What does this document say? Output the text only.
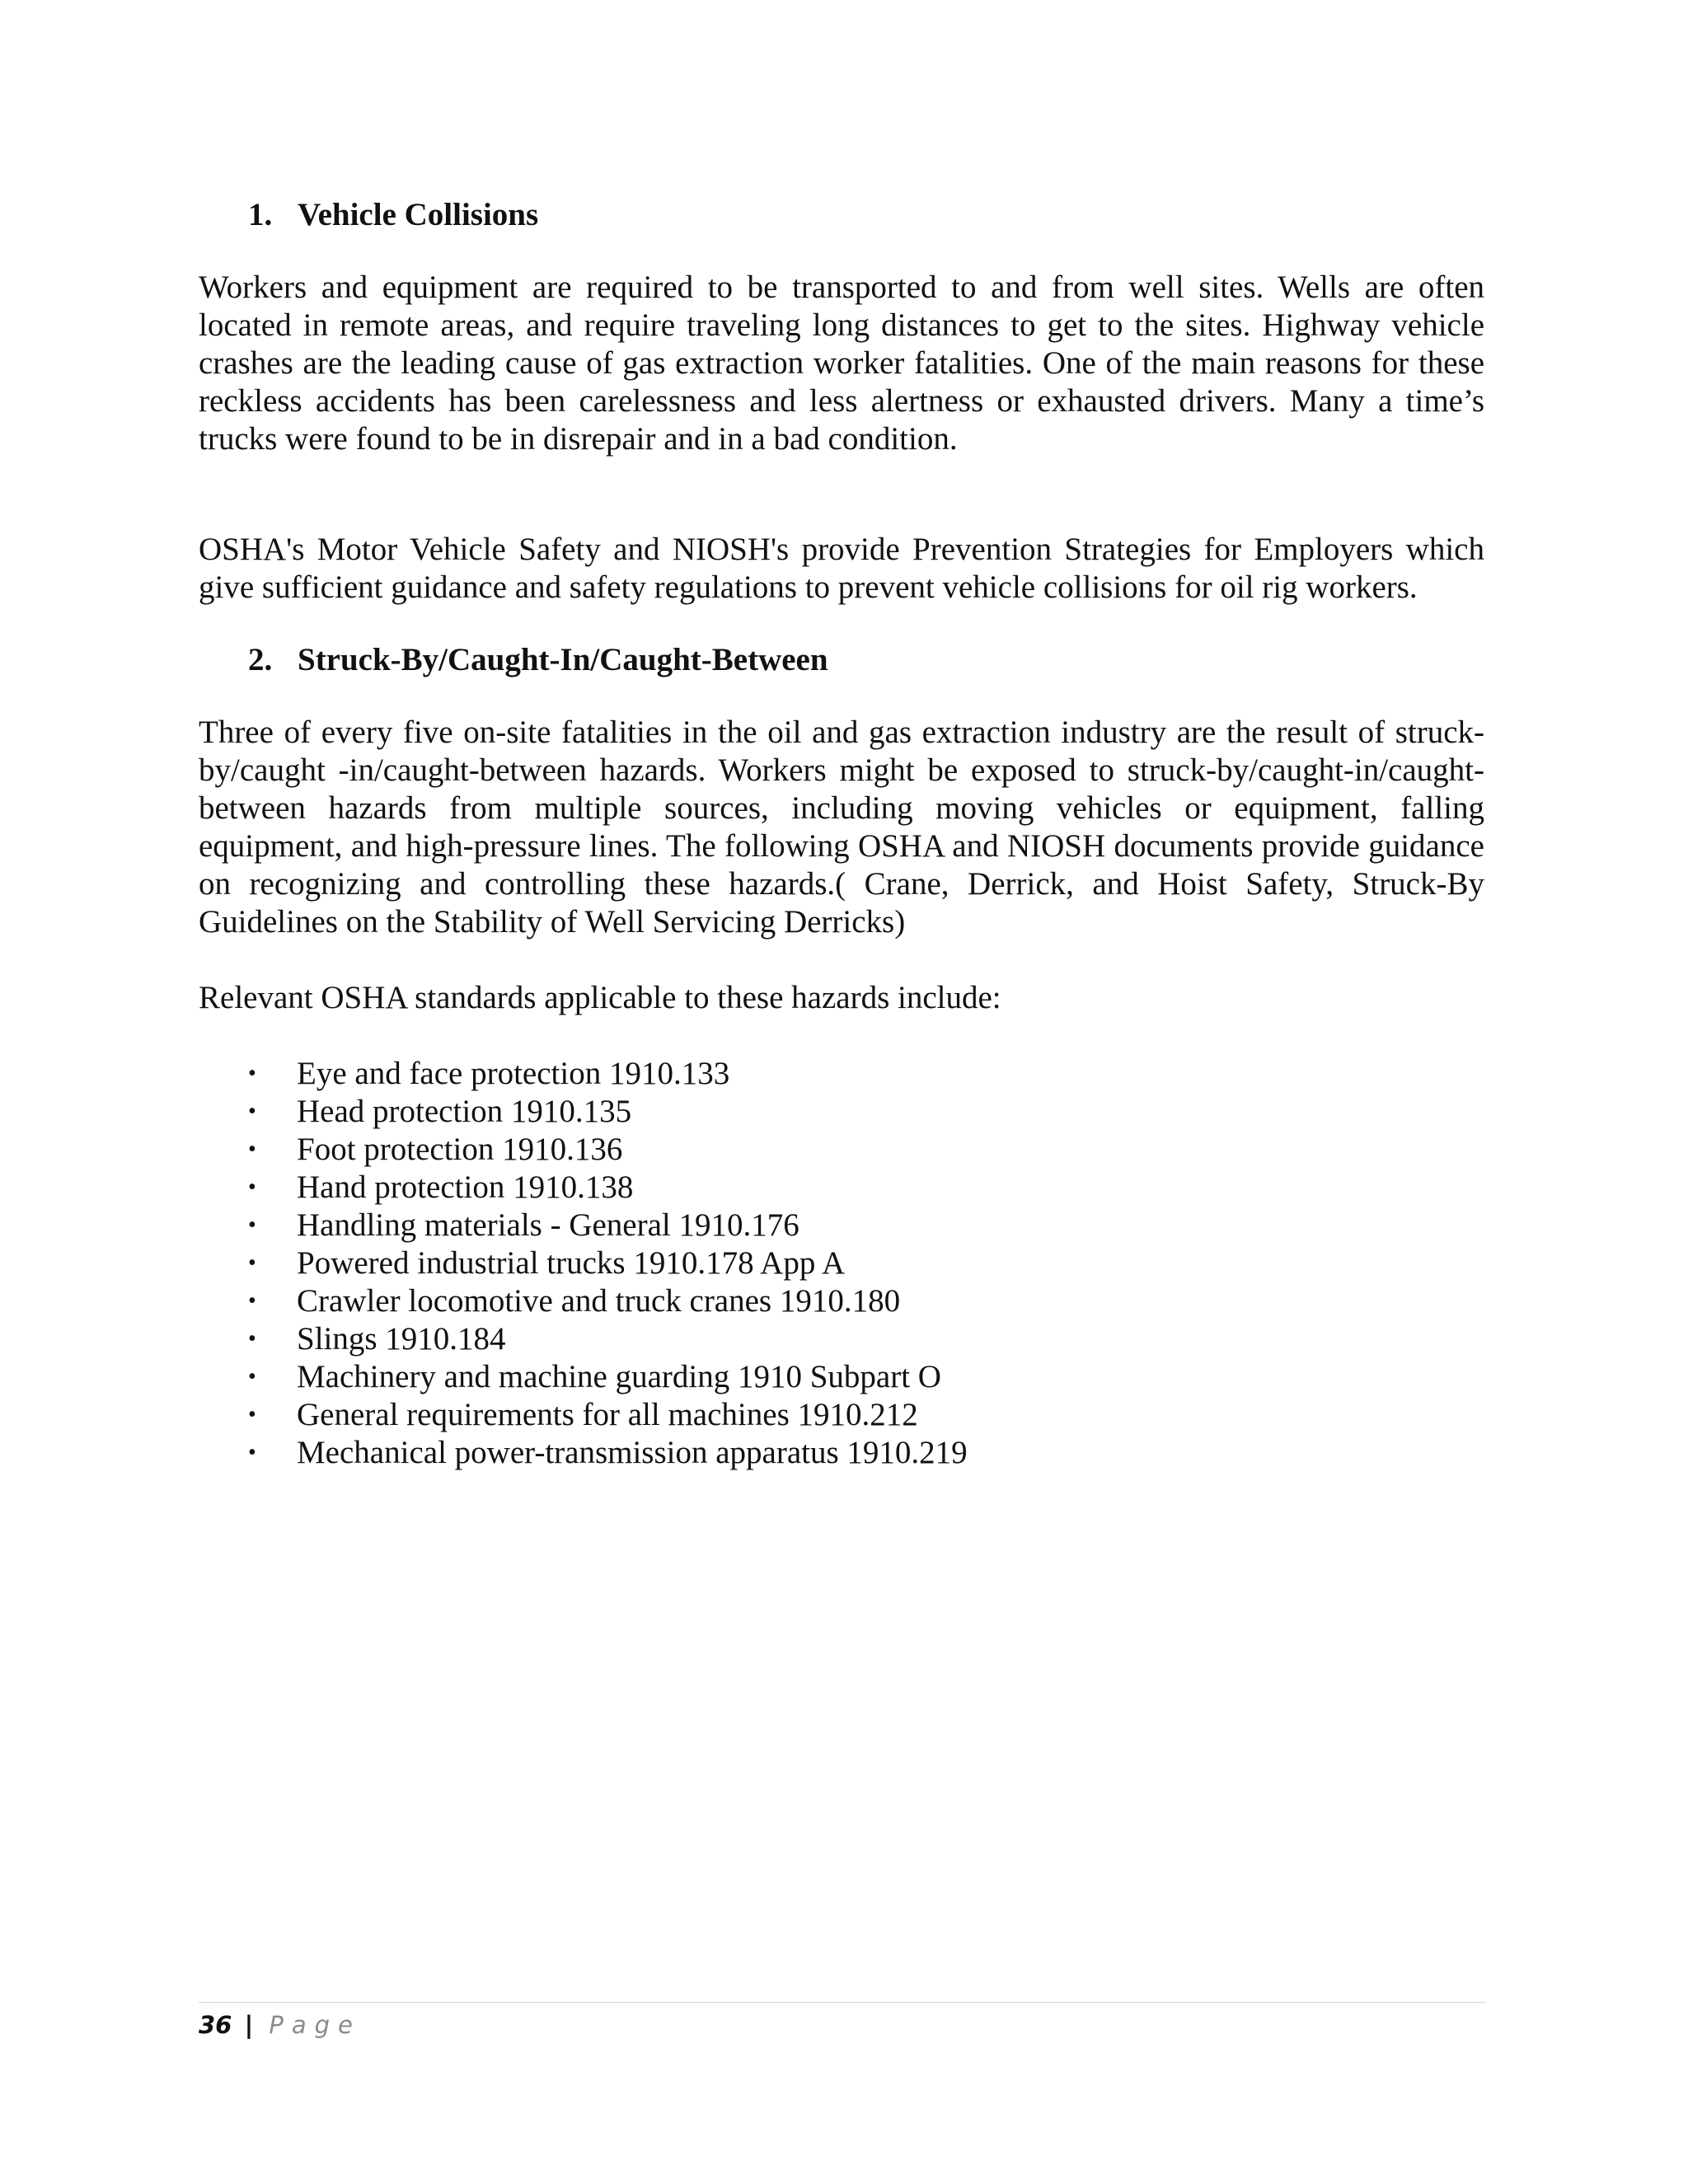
1. Vehicle Collisions

Workers and equipment are required to be transported to and from well sites. Wells are often located in remote areas, and require traveling long distances to get to the sites. Highway vehicle crashes are the leading cause of gas extraction worker fatalities. One of the main reasons for these reckless accidents has been carelessness and less alertness or exhausted drivers. Many a time’s trucks were found to be in disrepair and in a bad condition.

OSHA's Motor Vehicle Safety and NIOSH's provide Prevention Strategies for Employers which give sufficient guidance and safety regulations to prevent vehicle collisions for oil rig workers.

2. Struck-By/Caught-In/Caught-Between

Three of every five on-site fatalities in the oil and gas extraction industry are the result of struck-by/caught -in/caught-between hazards. Workers might be exposed to struck-by/caught-in/caught-between hazards from multiple sources, including moving vehicles or equipment, falling equipment, and high-pressure lines. The following OSHA and NIOSH documents provide guidance on recognizing and controlling these hazards.( Crane, Derrick, and Hoist Safety, Struck-By Guidelines on the Stability of Well Servicing Derricks)

Relevant OSHA standards applicable to these hazards include:

•	Eye and face protection 1910.133
•	Head protection 1910.135
•	Foot protection 1910.136
•	Hand protection 1910.138
•	Handling materials - General 1910.176
•	Powered industrial trucks 1910.178 App A
•	Crawler locomotive and truck cranes 1910.180
•	Slings 1910.184
•	Machinery and machine guarding 1910 Subpart O
•	General requirements for all machines 1910.212
•	Mechanical power-transmission apparatus 1910.219
36 | Page
